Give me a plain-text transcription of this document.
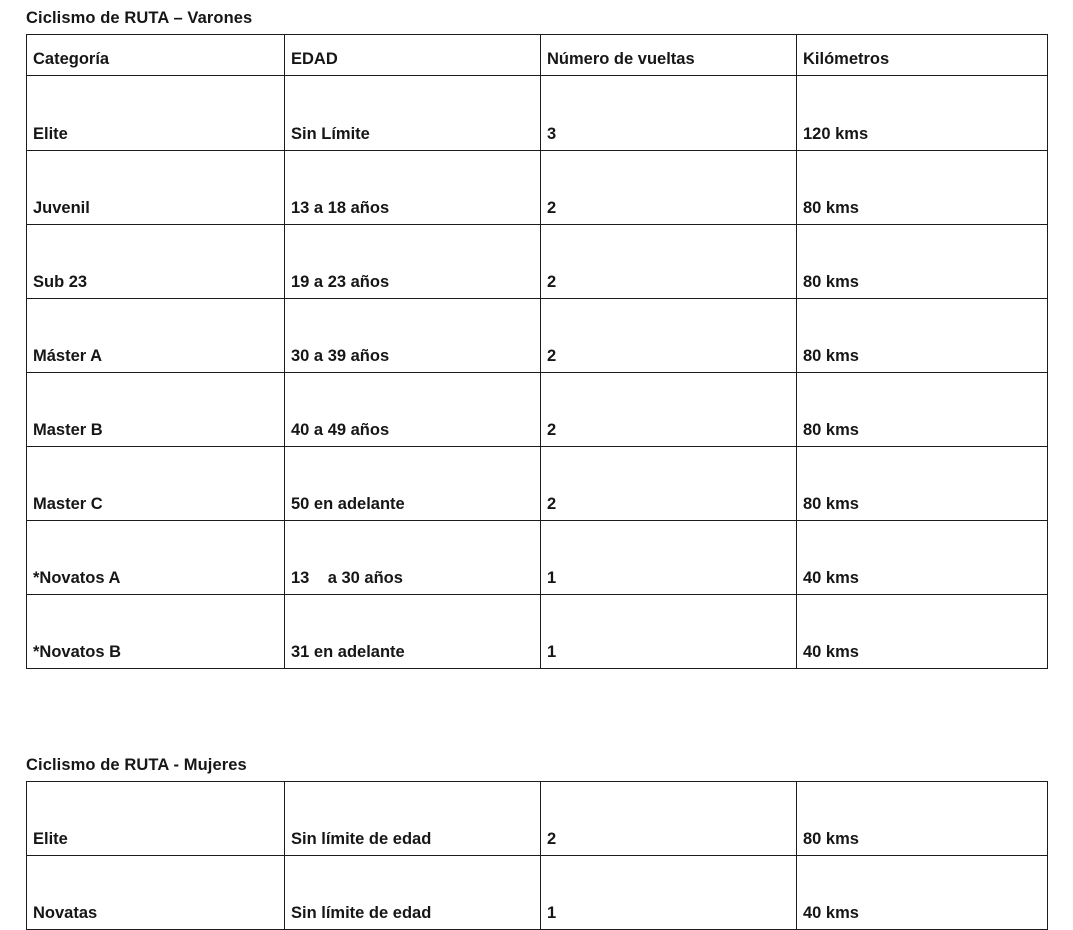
Ciclismo de RUTA – Varones
Categoría	EDAD	Número de vueltas	Kilómetros
Elite	Sin Límite	3	120 kms
Juvenil	13 a 18 años	2	80 kms
Sub 23	19 a 23 años	2	80 kms
Máster A	30 a 39 años	2	80 kms
Master B	40 a 49 años	2	80 kms
Master C	50 en adelante	2	80 kms
*Novatos A	13    a 30 años	1	40 kms
*Novatos B	31 en adelante	1	40 kms
Ciclismo de RUTA - Mujeres
Elite	Sin límite de edad	2	80 kms
Novatas	Sin límite de edad	1	40 kms
